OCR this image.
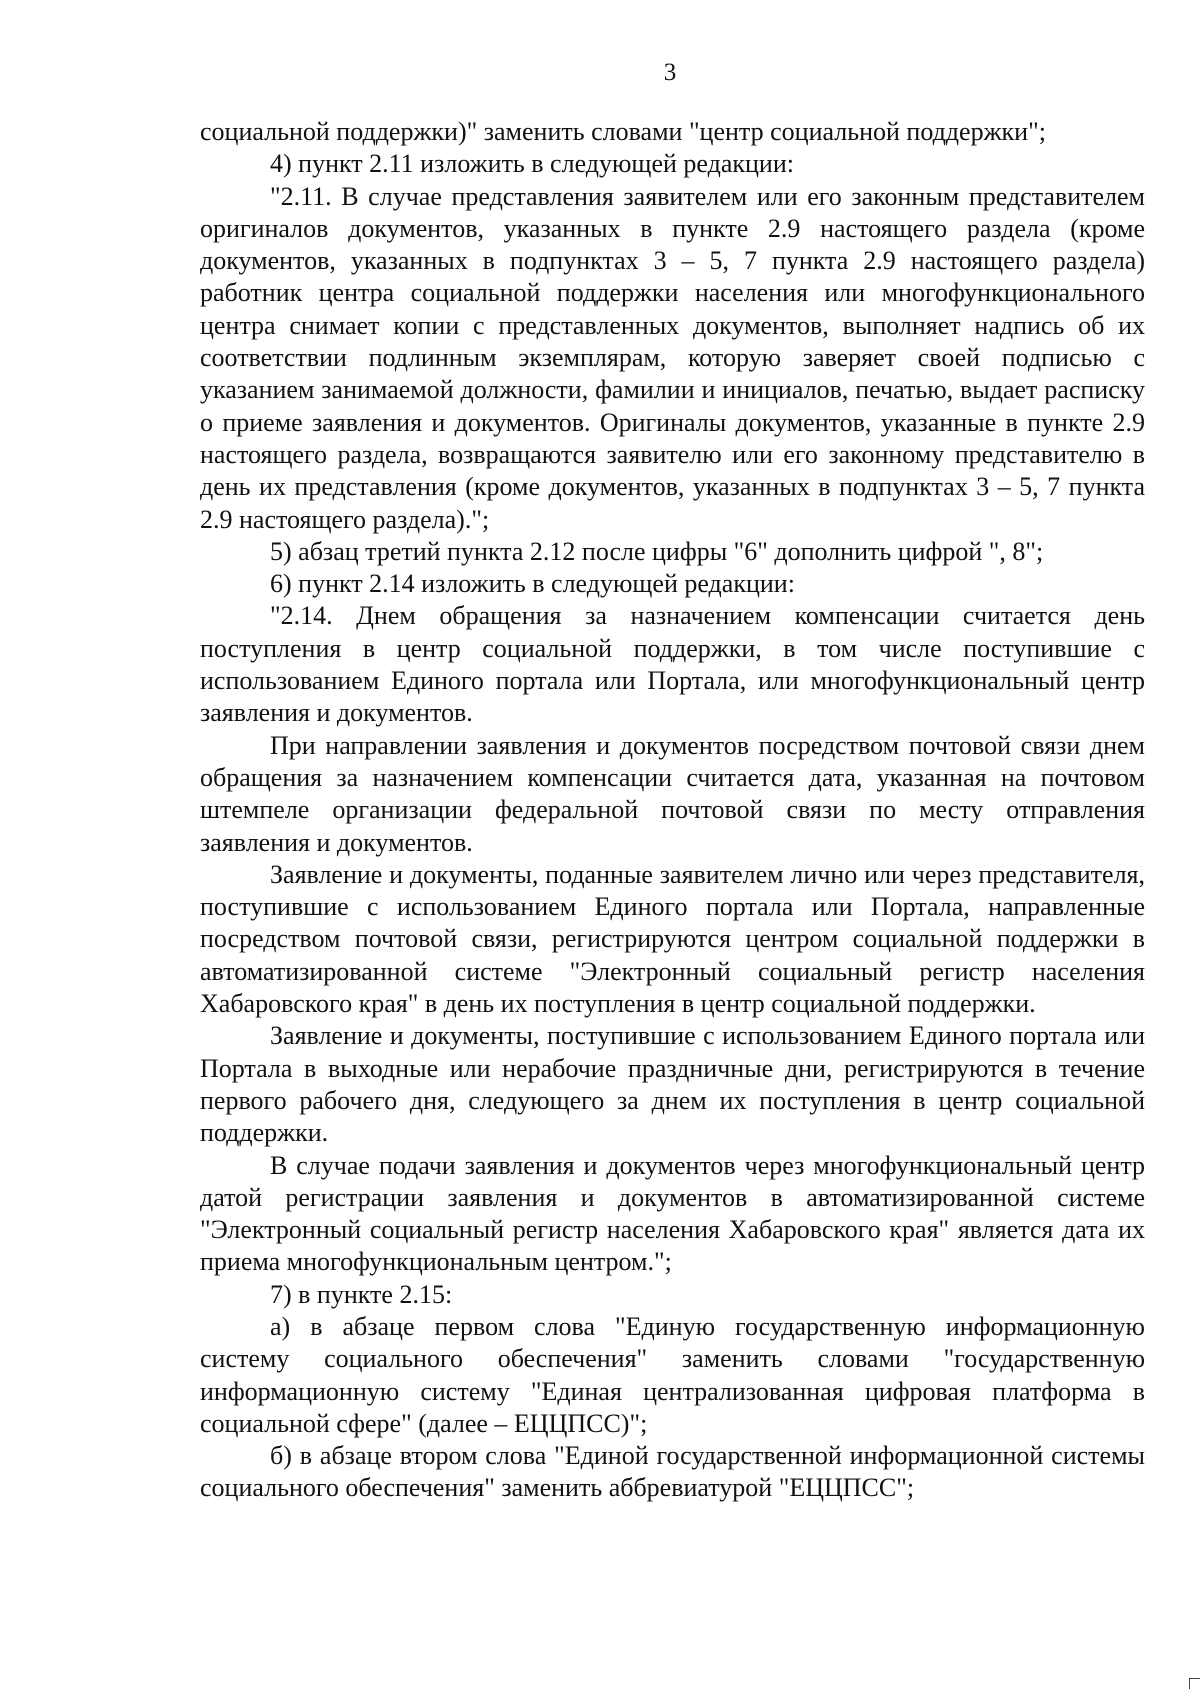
3

социальной поддержки)" заменить словами "центр социальной поддержки";

4) пункт 2.11 изложить в следующей редакции:

"2.11. В случае представления заявителем или его законным представителем оригиналов документов, указанных в пункте 2.9 настоящего раздела (кроме документов, указанных в подпунктах 3 – 5, 7 пункта 2.9 настоящего раздела) работник центра социальной поддержки населения или многофункционального центра снимает копии с представленных документов, выполняет надпись об их соответствии подлинным экземплярам, которую заверяет своей подписью с указанием занимаемой должности, фамилии и инициалов, печатью, выдает расписку о приеме заявления и документов. Оригиналы документов, указанные в пункте 2.9 настоящего раздела, возвращаются заявителю или его законному представителю в день их представления (кроме документов, указанных в подпунктах 3 – 5, 7 пункта 2.9 настоящего раздела).";

5) абзац третий пункта 2.12 после цифры "6" дополнить цифрой ", 8";

6) пункт 2.14 изложить в следующей редакции:

"2.14. Днем обращения за назначением компенсации считается день поступления в центр социальной поддержки, в том числе поступившие с использованием Единого портала или Портала, или многофункциональный центр заявления и документов.

При направлении заявления и документов посредством почтовой связи днем обращения за назначением компенсации считается дата, указанная на почтовом штемпеле организации федеральной почтовой связи по месту отправления заявления и документов.

Заявление и документы, поданные заявителем лично или через представителя, поступившие с использованием Единого портала или Портала, направленные посредством почтовой связи, регистрируются центром социальной поддержки в автоматизированной системе "Электронный социальный регистр населения Хабаровского края" в день их поступления в центр социальной поддержки.

Заявление и документы, поступившие с использованием Единого портала или Портала в выходные или нерабочие праздничные дни, регистрируются в течение первого рабочего дня, следующего за днем их поступления в центр социальной поддержки.

В случае подачи заявления и документов через многофункциональный центр датой регистрации заявления и документов в автоматизированной системе "Электронный социальный регистр населения Хабаровского края" является дата их приема многофункциональным центром.";

7) в пункте 2.15:

а) в абзаце первом слова "Единую государственную информационную систему социального обеспечения" заменить словами "государственную информационную систему "Единая централизованная цифровая платформа в социальной сфере" (далее – ЕЦЦПСС)";

б) в абзаце втором слова "Единой государственной информационной системы социального обеспечения" заменить аббревиатурой "ЕЦЦПСС";
